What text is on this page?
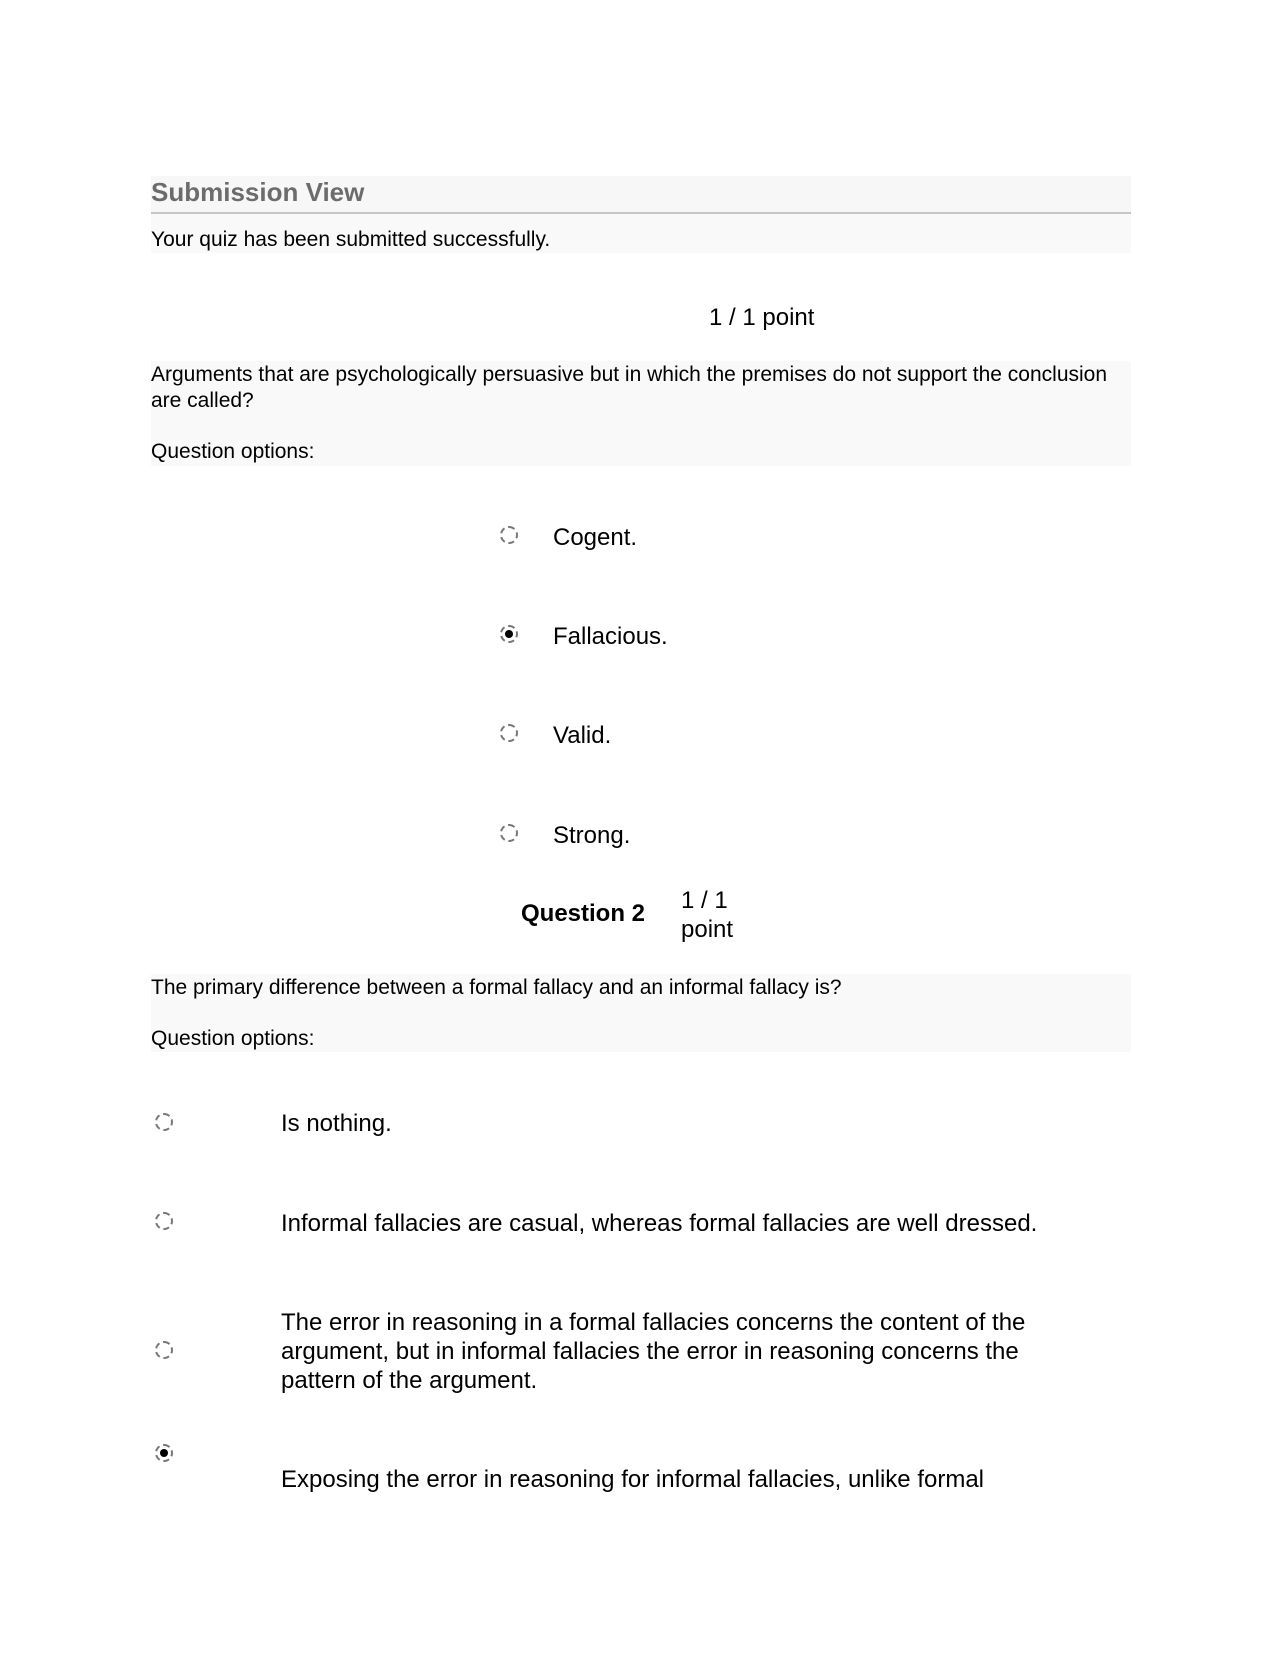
Submission View
Your quiz has been submitted successfully.
1 / 1 point
Arguments that are psychologically persuasive but in which the premises do not support the conclusion are called?
Question options:
Cogent.
Fallacious.
Valid.
Strong.
Question 2 1 / 1 point
The primary difference between a formal fallacy and an informal fallacy is?
Question options:
Is nothing.
Informal fallacies are casual, whereas formal fallacies are well dressed.
The error in reasoning in a formal fallacies concerns the content of the argument, but in informal fallacies the error in reasoning concerns the pattern of the argument.
Exposing the error in reasoning for informal fallacies, unlike formal
